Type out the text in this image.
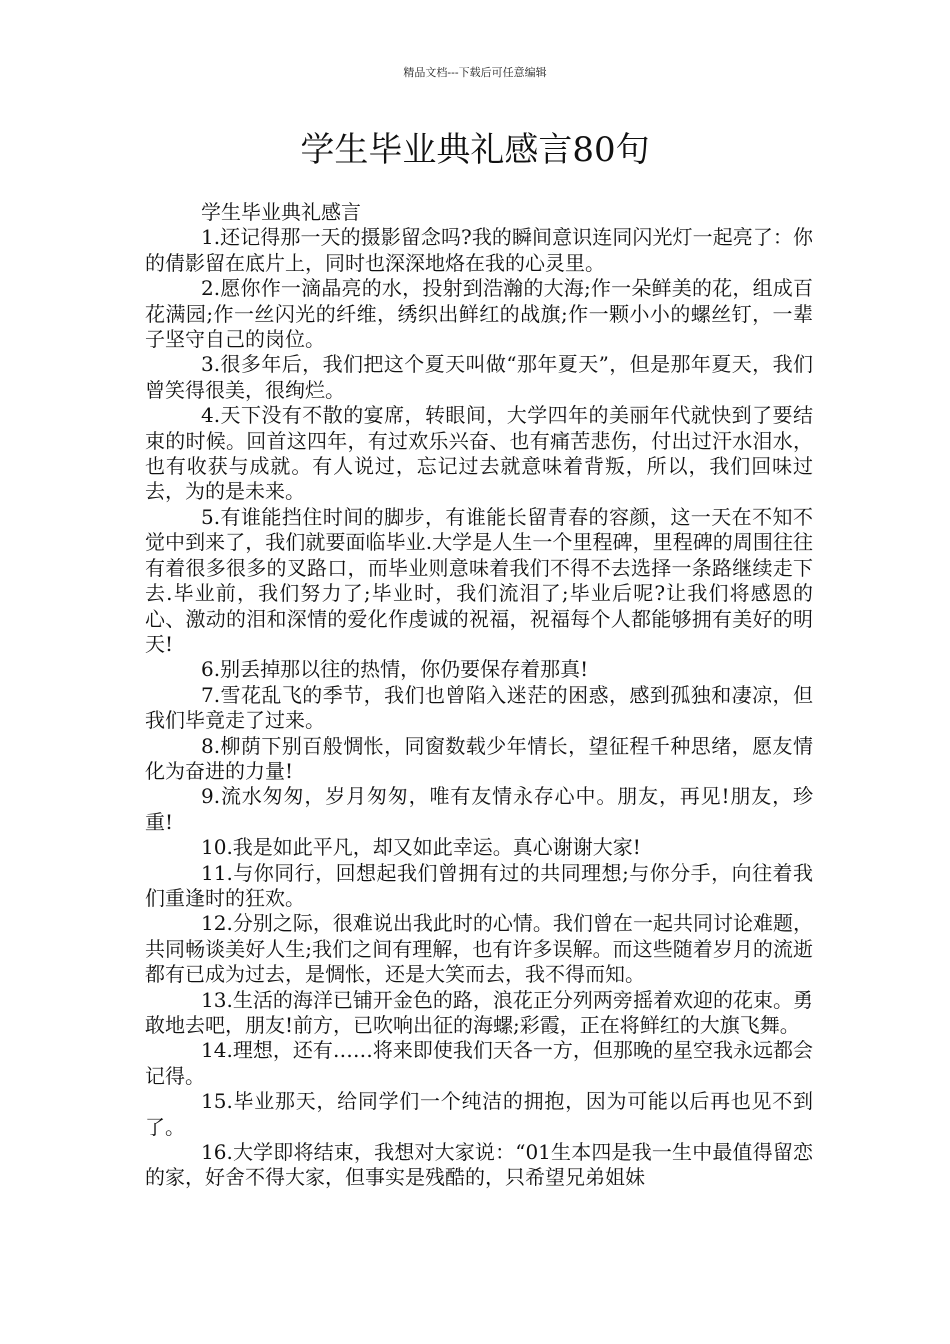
精品文档---下载后可任意编辑
学生毕业典礼感言80句

学生毕业典礼感言

1.还记得那一天的摄影留念吗?我的瞬间意识连同闪光灯一起亮了：你的倩影留在底片上，同时也深深地烙在我的心灵里。

2.愿你作一滴晶亮的水，投射到浩瀚的大海;作一朵鲜美的花，组成百花满园;作一丝闪光的纤维，绣织出鲜红的战旗;作一颗小小的螺丝钉，一辈子坚守自己的岗位。

3.很多年后，我们把这个夏天叫做“那年夏天”，但是那年夏天，我们曾笑得很美，很绚烂。

4.天下没有不散的宴席，转眼间，大学四年的美丽年代就快到了要结束的时候。回首这四年，有过欢乐兴奋、也有痛苦悲伤，付出过汗水泪水，也有收获与成就。有人说过，忘记过去就意味着背叛，所以，我们回味过去，为的是未来。

5.有谁能挡住时间的脚步，有谁能长留青春的容颜，这一天在不知不觉中到来了，我们就要面临毕业.大学是人生一个里程碑，里程碑的周围往往有着很多很多的叉路口，而毕业则意味着我们不得不去选择一条路继续走下去.毕业前，我们努力了;毕业时，我们流泪了;毕业后呢?让我们将感恩的心、激动的泪和深情的爱化作虔诚的祝福，祝福每个人都能够拥有美好的明天!

6.别丢掉那以往的热情，你仍要保存着那真!

7.雪花乱飞的季节，我们也曾陷入迷茫的困惑，感到孤独和凄凉，但我们毕竟走了过来。

8.柳荫下别百般惆怅，同窗数载少年情长，望征程千种思绪，愿友情化为奋进的力量!

9.流水匆匆，岁月匆匆，唯有友情永存心中。朋友，再见!朋友，珍重!

10.我是如此平凡，却又如此幸运。真心谢谢大家!

11.与你同行，回想起我们曾拥有过的共同理想;与你分手，向往着我们重逢时的狂欢。

12.分别之际，很难说出我此时的心情。我们曾在一起共同讨论难题，共同畅谈美好人生;我们之间有理解，也有许多误解。而这些随着岁月的流逝都有已成为过去，是惆怅，还是大笑而去，我不得而知。

13.生活的海洋已铺开金色的路，浪花正分列两旁摇着欢迎的花束。勇敢地去吧，朋友!前方，已吹响出征的海螺;彩霞，正在将鲜红的大旗飞舞。

14.理想，还有……将来即使我们天各一方，但那晚的星空我永远都会记得。

15.毕业那天，给同学们一个纯洁的拥抱，因为可能以后再也见不到了。

16.大学即将结束，我想对大家说：“01生本四是我一生中最值得留恋的家，好舍不得大家，但事实是残酷的，只希望兄弟姐妹
